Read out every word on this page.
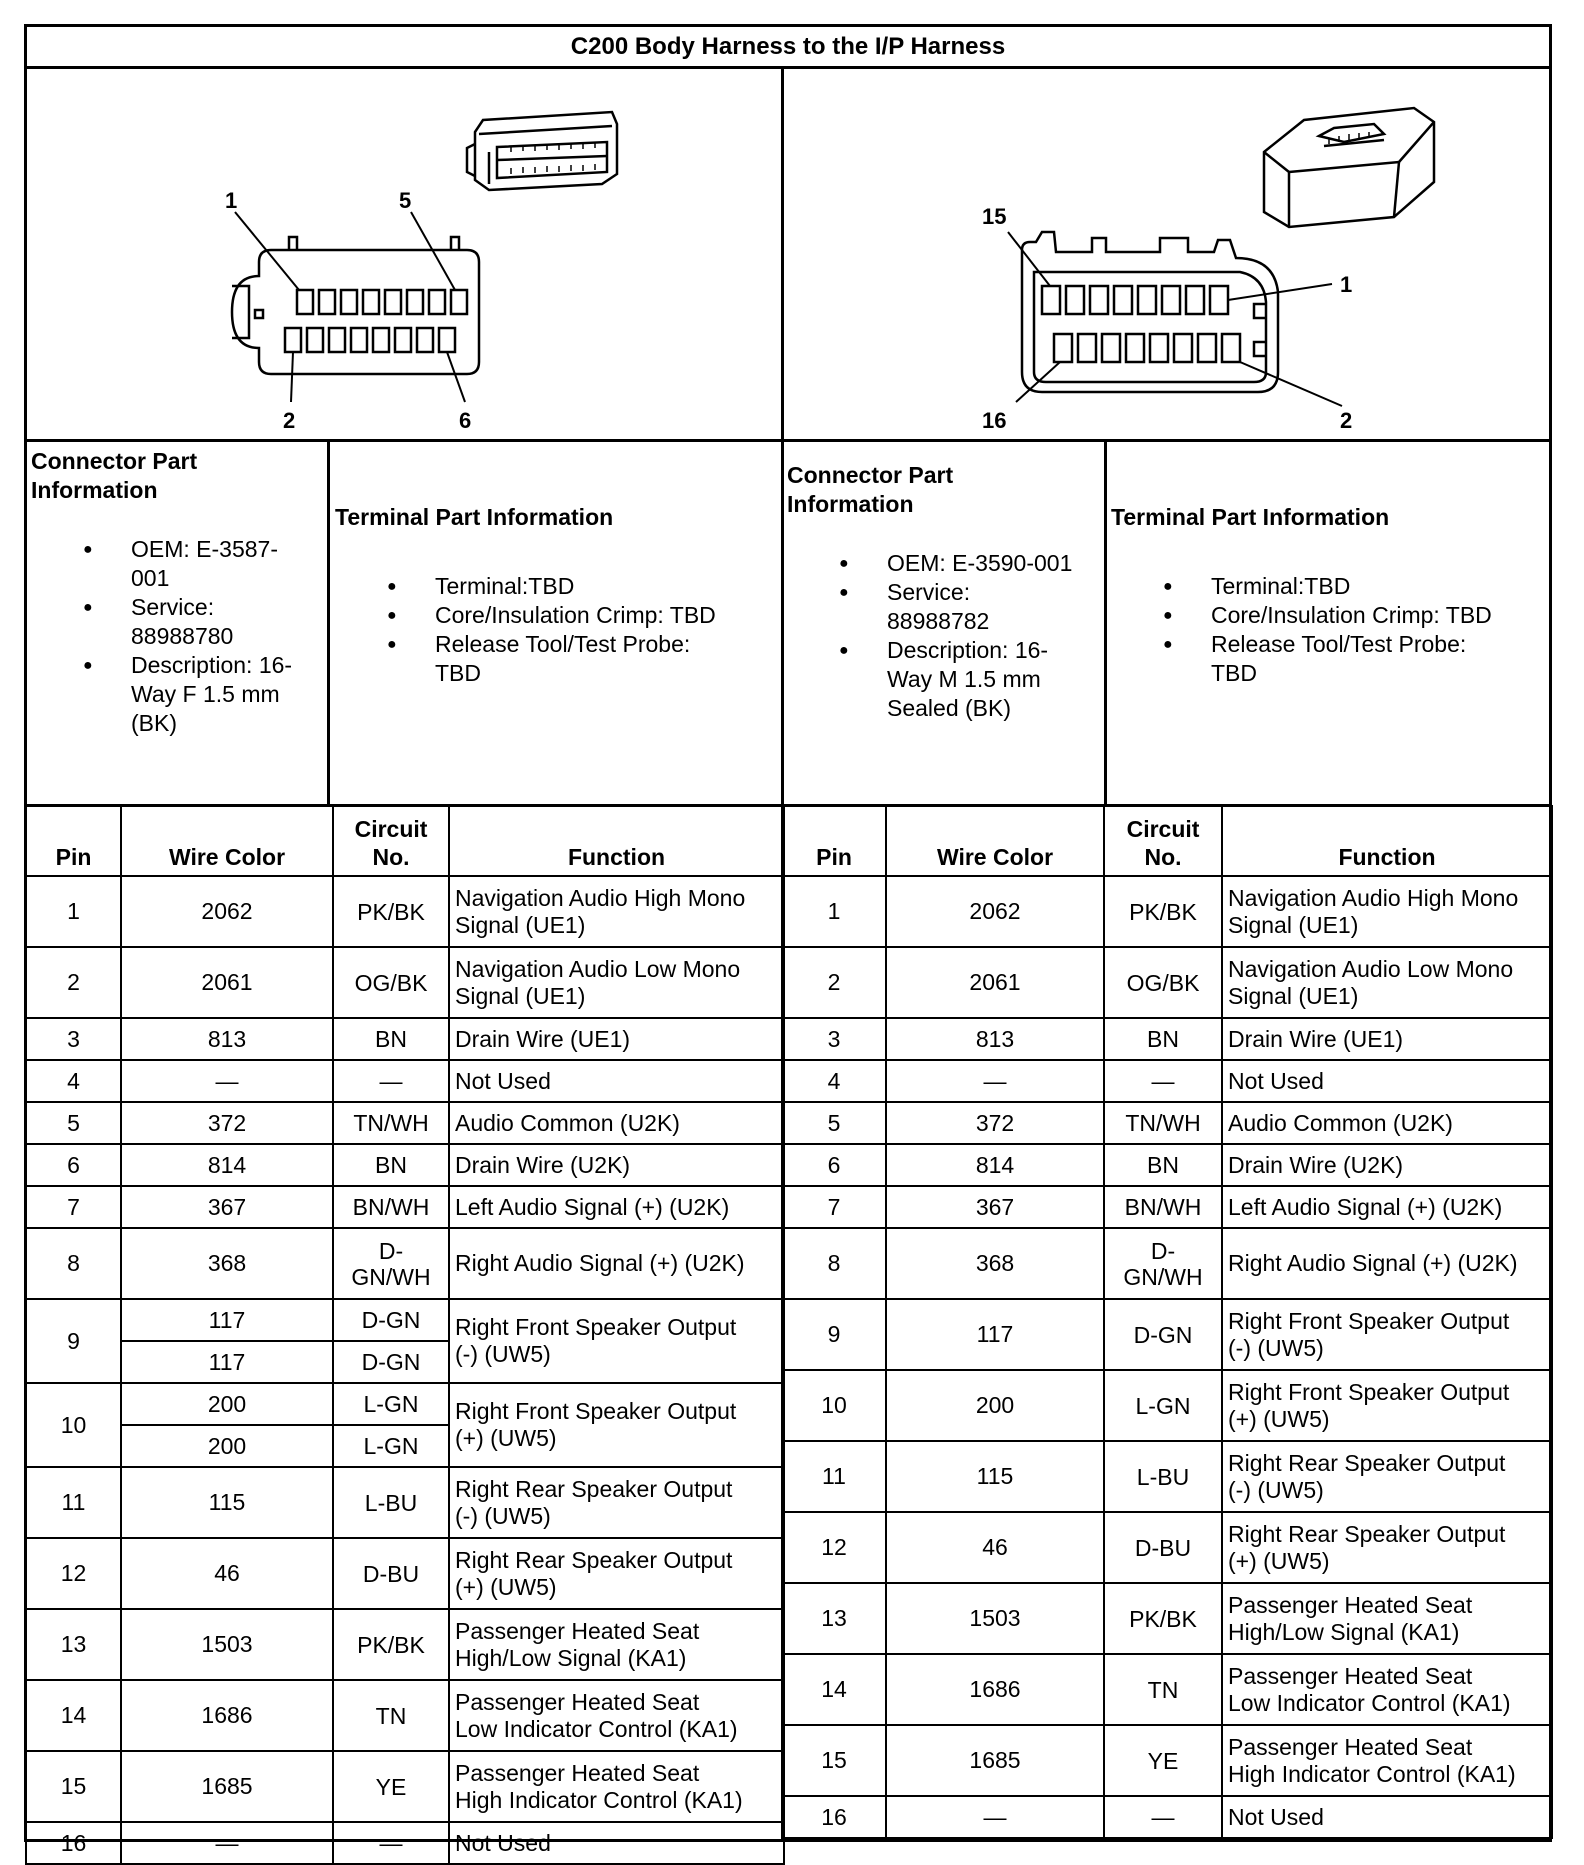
C200 Body Harness to the I/P Harness
1	5
2	6
15
1
16	2
Connector Part
Information
● OEM: E-3587-
001
● Service:
88988780
● Description: 16-
Way F 1.5 mm
(BK)
Terminal Part Information
● Terminal:TBD
● Core/Insulation Crimp: TBD
● Release Tool/Test Probe:
TBD
Connector Part
Information
● OEM: E-3590-001
● Service:
88988782
● Description: 16-
Way M 1.5 mm
Sealed (BK)
Terminal Part Information
● Terminal:TBD
● Core/Insulation Crimp: TBD
● Release Tool/Test Probe:
TBD
Pin	Wire Color	Circuit
No.	Function
1	2062	PK/BK	Navigation Audio High Mono
Signal (UE1)

2	2061	OG/BK	Navigation Audio Low Mono
Signal (UE1)

3	813	BN	Drain Wire (UE1)

4	—	—	Not Used

5	372	TN/WH	Audio Common (U2K)

6	814	BN	Drain Wire (U2K)

7	367	BN/WH	Left Audio Signal (+) (U2K)

8	368	D-
GN/WH	Right Audio Signal (+) (U2K)

9	117	D-GN	Right Front Speaker Output
(-) (UW5)

	117	D-GN	
10	200	L-GN	Right Front Speaker Output
(+) (UW5)

	200	L-GN	
11	115	L-BU	Right Rear Speaker Output
(-) (UW5)

12	46	D-BU	Right Rear Speaker Output
(+) (UW5)

13	1503	PK/BK	Passenger Heated Seat
High/Low Signal (KA1)

14	1686	TN	Passenger Heated Seat
Low Indicator Control (KA1)

15	1685	YE	Passenger Heated Seat
High Indicator Control (KA1)

16	—	—	Not Used
Pin	Wire Color	Circuit
No.	Function
1	2062	PK/BK	Navigation Audio High Mono
Signal (UE1)

2	2061	OG/BK	Navigation Audio Low Mono
Signal (UE1)

3	813	BN	Drain Wire (UE1)

4	—	—	Not Used

5	372	TN/WH	Audio Common (U2K)

6	814	BN	Drain Wire (U2K)

7	367	BN/WH	Left Audio Signal (+) (U2K)

8	368	D-
GN/WH	Right Audio Signal (+) (U2K)

9	117	D-GN	Right Front Speaker Output
(-) (UW5)

10	200	L-GN	Right Front Speaker Output
(+) (UW5)

11	115	L-BU	Right Rear Speaker Output
(-) (UW5)

12	46	D-BU	Right Rear Speaker Output
(+) (UW5)

13	1503	PK/BK	Passenger Heated Seat
High/Low Signal (KA1)

14	1686	TN	Passenger Heated Seat
Low Indicator Control (KA1)

15	1685	YE	Passenger Heated Seat
High Indicator Control (KA1)

16	—	—	Not Used
